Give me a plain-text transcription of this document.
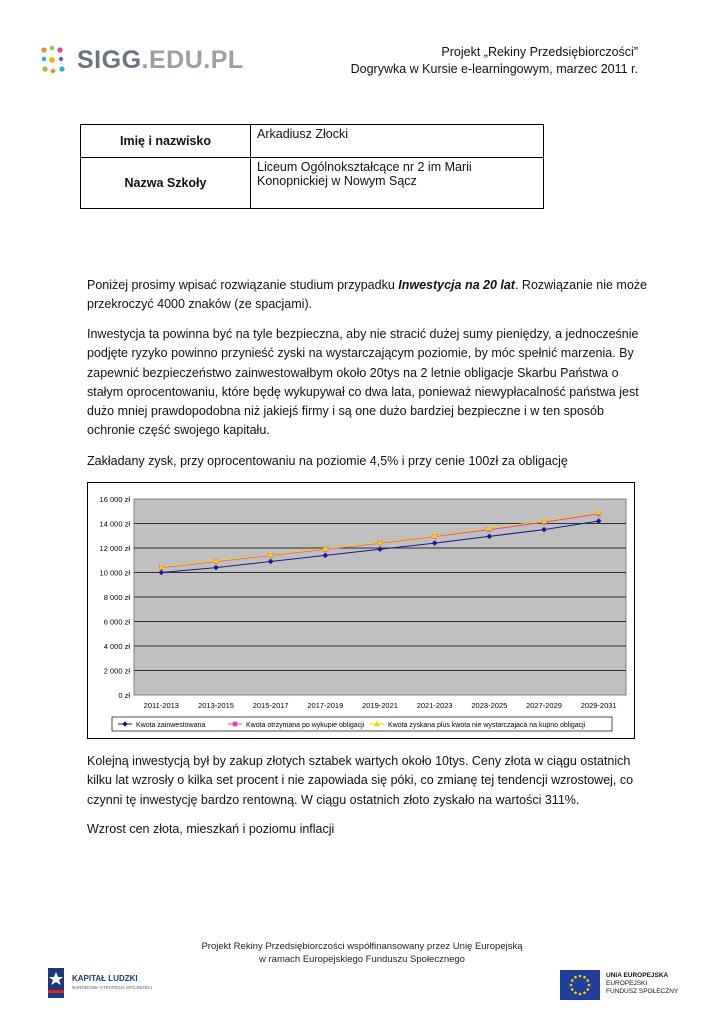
SIGG.EDU.PL	Projekt „Rekiny Przedsiębiorczości”
Dogrywka w Kursie e-learningowym, marzec 2011 r.
Imię i nazwisko	Arkadiusz Złocki
Nazwa Szkoły	Liceum Ogólnokształcące nr 2 im Marii
Konopnickiej w Nowym Sącz
Poniżej prosimy wpisać rozwiązanie studium przypadku Inwestycja na 20 lat. Rozwiązanie nie może przekroczyć 4000 znaków (ze spacjami).
Inwestycja ta powinna być na tyle bezpieczna, aby nie stracić dużej sumy pieniędzy, a jednocześnie podjęte ryzyko powinno przynieść zyski na wystarczającym poziomie, by móc spełnić marzenia. By zapewnić bezpieczeństwo zainwestowałbym około 20tys na 2 letnie obligacje Skarbu Państwa o stałym oprocentowaniu, które będę wykupywał co dwa lata, ponieważ niewypłacalność państwa jest dużo mniej prawdopodobna niż jakiejś firmy i są one dużo bardziej bezpieczne i w ten sposób ochronie część swojego kapitału.
Zakładany zysk, przy oprocentowaniu na poziomie 4,5% i przy cenie 100zł za obligację
0 zł
2 000 zł
4 000 zł
6 000 zł
8 000 zł
10 000 zł
12 000 zł
14 000 zł
16 000 zł
2011-2013	2013-2015	2015-2017	2017-2019	2019-2021	2021-2023	2023-2025	2027-2029	2029-2031
Kwota zainwestowana	Kwota otrzymana po wykupie obligacji	Kwota zyskana plus kwota nie wystarczajaca na kupno obligacji
Kolejną inwestycją był by zakup złotych sztabek wartych około 10tys. Ceny złota w ciągu ostatnich kilku lat wzrosły o kilka set procent i nie zapowiada się póki, co zmianę tej tendencji wzrostowej, co czynni tę inwestycję bardzo rentowną. W ciągu ostatnich złoto zyskało na wartości 311%.
Wzrost cen złota, mieszkań i poziomu inflacji
Projekt Rekiny Przedsiębiorczości współfinansowany przez Unię Europejską
w ramach Europejskiego Funduszu Społecznego
KAPITAŁ LUDZKI
NARODOWA STRATEGIA SPÓJNOŚCI
UNIA EUROPEJSKA
EUROPEJSKI
FUNDUSZ SPOŁECZNY
